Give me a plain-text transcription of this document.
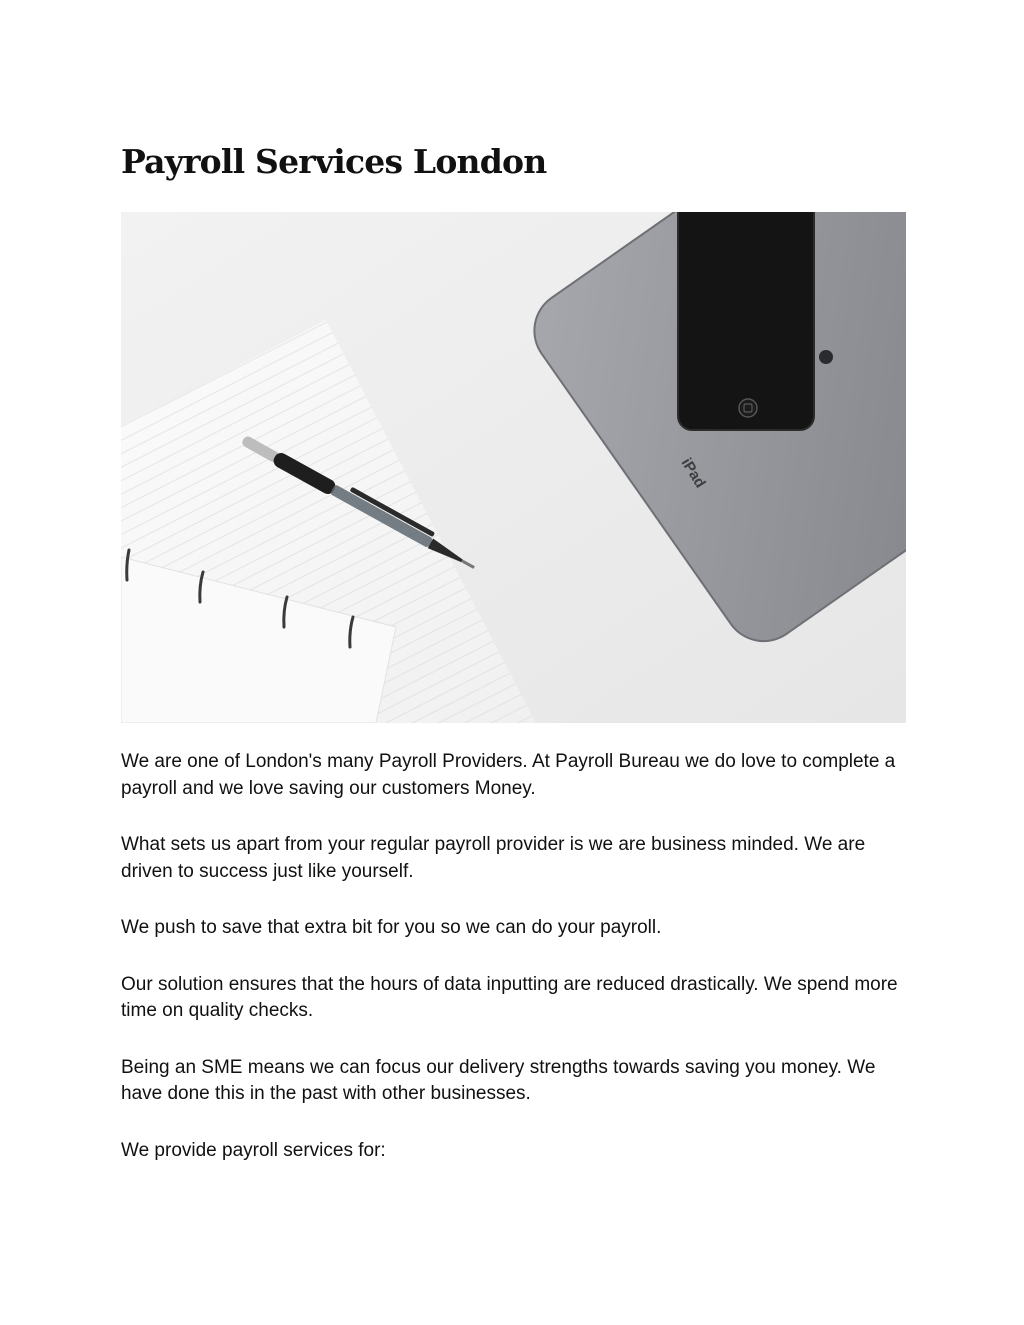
Payroll Services London
iPad

We are one of London's many Payroll Providers. At Payroll Bureau we do love to complete a payroll and we love saving our customers Money.

What sets us apart from your regular payroll provider is we are business minded. We are driven to success just like yourself.

We push to save that extra bit for you so we can do your payroll.

Our solution ensures that the hours of data inputting are reduced drastically. We spend more time on quality checks.

Being an SME means we can focus our delivery strengths towards saving you money. We have done this in the past with other businesses.

We provide payroll services for:
